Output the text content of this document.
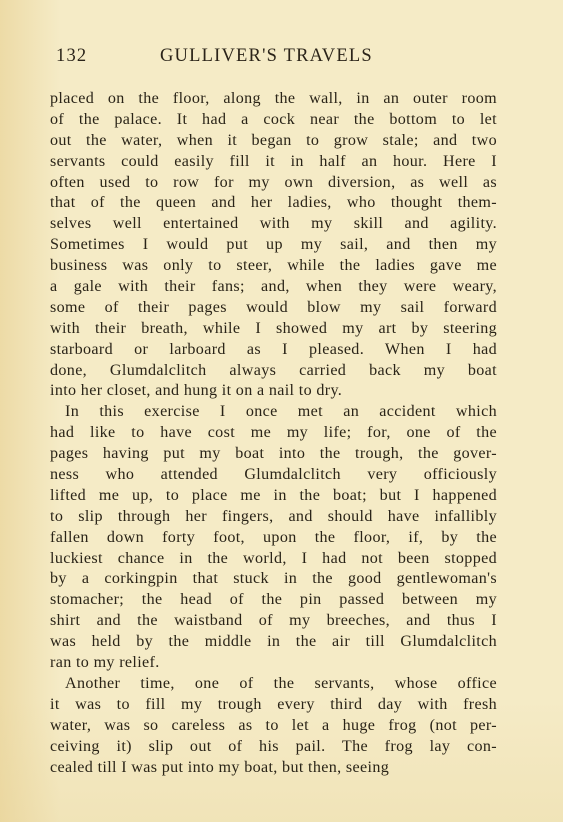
132	GULLIVER'S TRAVELS
placed on the floor, along the wall, in an outer room
of the palace. It had a cock near the bottom to let
out the water, when it began to grow stale; and two
servants could easily fill it in half an hour. Here I
often used to row for my own diversion, as well as
that of the queen and her ladies, who thought them-
selves well entertained with my skill and agility.
Sometimes I would put up my sail, and then my
business was only to steer, while the ladies gave me
a gale with their fans; and, when they were weary,
some of their pages would blow my sail forward
with their breath, while I showed my art by steering
starboard or larboard as I pleased. When I had
done, Glumdalclitch always carried back my boat
into her closet, and hung it on a nail to dry.
In this exercise I once met an accident which
had like to have cost me my life; for, one of the
pages having put my boat into the trough, the gover-
ness who attended Glumdalclitch very officiously
lifted me up, to place me in the boat; but I happened
to slip through her fingers, and should have infallibly
fallen down forty foot, upon the floor, if, by the
luckiest chance in the world, I had not been stopped
by a corkingpin that stuck in the good gentlewoman's
stomacher; the head of the pin passed between my
shirt and the waistband of my breeches, and thus I
was held by the middle in the air till Glumdalclitch
ran to my relief.
Another time, one of the servants, whose office
it was to fill my trough every third day with fresh
water, was so careless as to let a huge frog (not per-
ceiving it) slip out of his pail. The frog lay con-
cealed till I was put into my boat, but then, seeing
